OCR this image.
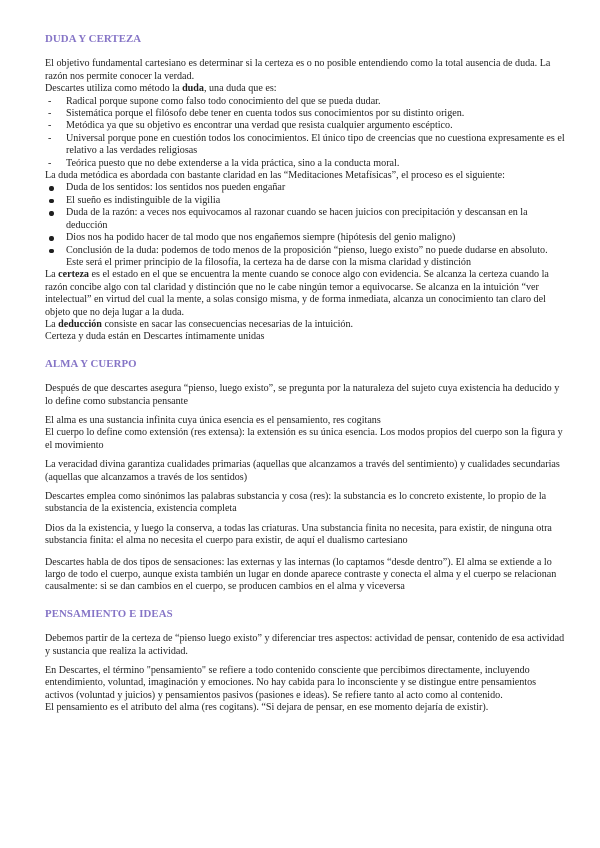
DUDA Y CERTEZA

El objetivo fundamental cartesiano es determinar si la certeza es o no posible entendiendo como la total ausencia de duda. La razón nos permite conocer la verdad.

Descartes utiliza como método la duda, una duda que es:

- Radical porque supone como falso todo conocimiento del que se pueda dudar.
- Sistemática porque el filósofo debe tener en cuenta todos sus conocimientos por su distinto origen.
- Metódica ya que su objetivo es encontrar una verdad que resista cualquier argumento escéptico.
- Universal porque pone en cuestión todos los conocimientos. El único tipo de creencias que no cuestiona expresamente es el relativo a las verdades religiosas
- Teórica puesto que no debe extenderse a la vida práctica, sino a la conducta moral.

La duda metódica es abordada con bastante claridad en las “Meditaciones Metafísicas”, el proceso es el siguiente:

Duda de los sentidos: los sentidos nos pueden engañar
El sueño es indistinguible de la vigilia
Duda de la razón: a veces nos equivocamos al razonar cuando se hacen juicios con precipitación y descansan en la deducción
Dios nos ha podido hacer de tal modo que nos engañemos siempre (hipótesis del genio maligno)
Conclusión de la duda: podemos de todo menos de la proposición “pienso, luego existo” no puede dudarse en absoluto. Este será el primer principio de la filosofía, la certeza ha de darse con la misma claridad y distinción

La certeza es el estado en el que se encuentra la mente cuando se conoce algo con evidencia. Se alcanza la certeza cuando la razón concibe algo con tal claridad y distinción que no le cabe ningún temor a equivocarse. Se alcanza en la intuición “ver intelectual” en virtud del cual la mente, a solas consigo misma, y de forma inmediata, alcanza un conocimiento tan claro del objeto que no deja lugar a la duda.

La deducción consiste en sacar las consecuencias necesarias de la intuición.

Certeza y duda están en Descartes íntimamente unidas

ALMA Y CUERPO

Después de que descartes asegura “pienso, luego existo”, se pregunta por la naturaleza del sujeto cuya existencia ha deducido y lo define como substancia pensante

El alma es una sustancia infinita cuya única esencia es el pensamiento, res cogitans

El cuerpo lo define como extensión (res extensa): la extensión es su única esencia. Los modos propios del cuerpo son la figura y el movimiento

La veracidad divina garantiza cualidades primarias (aquellas que alcanzamos a través del sentimiento) y cualidades secundarias (aquellas que alcanzamos a través de los sentidos)

Descartes emplea como sinónimos las palabras substancia y cosa (res): la substancia es lo concreto existente, lo propio de la substancia de la existencia, existencia completa

Dios da la existencia, y luego la conserva, a todas las criaturas. Una substancia finita no necesita, para existir, de ninguna otra substancia finita: el alma no necesita el cuerpo para existir, de aquí el dualismo cartesiano

Descartes habla de dos tipos de sensaciones: las externas y las internas (lo captamos “desde dentro”). El alma se extiende a lo largo de todo el cuerpo, aunque exista también un lugar en donde aparece contraste y conecta el alma y el cuerpo se relacionan causalmente: si se dan cambios en el cuerpo, se producen cambios en el alma y viceversa

PENSAMIENTO E IDEAS

Debemos partir de la certeza de “pienso luego existo” y diferenciar tres aspectos: actividad de pensar, contenido de esa actividad y sustancia que realiza la actividad.

En Descartes, el término "pensamiento" se refiere a todo contenido consciente que percibimos directamente, incluyendo entendimiento, voluntad, imaginación y emociones. No hay cabida para lo inconsciente y se distingue entre pensamientos activos (voluntad y juicios) y pensamientos pasivos (pasiones e ideas). Se refiere tanto al acto como al contenido.

El pensamiento es el atributo del alma (res cogitans). “Si dejara de pensar, en ese momento dejaría de existir).
